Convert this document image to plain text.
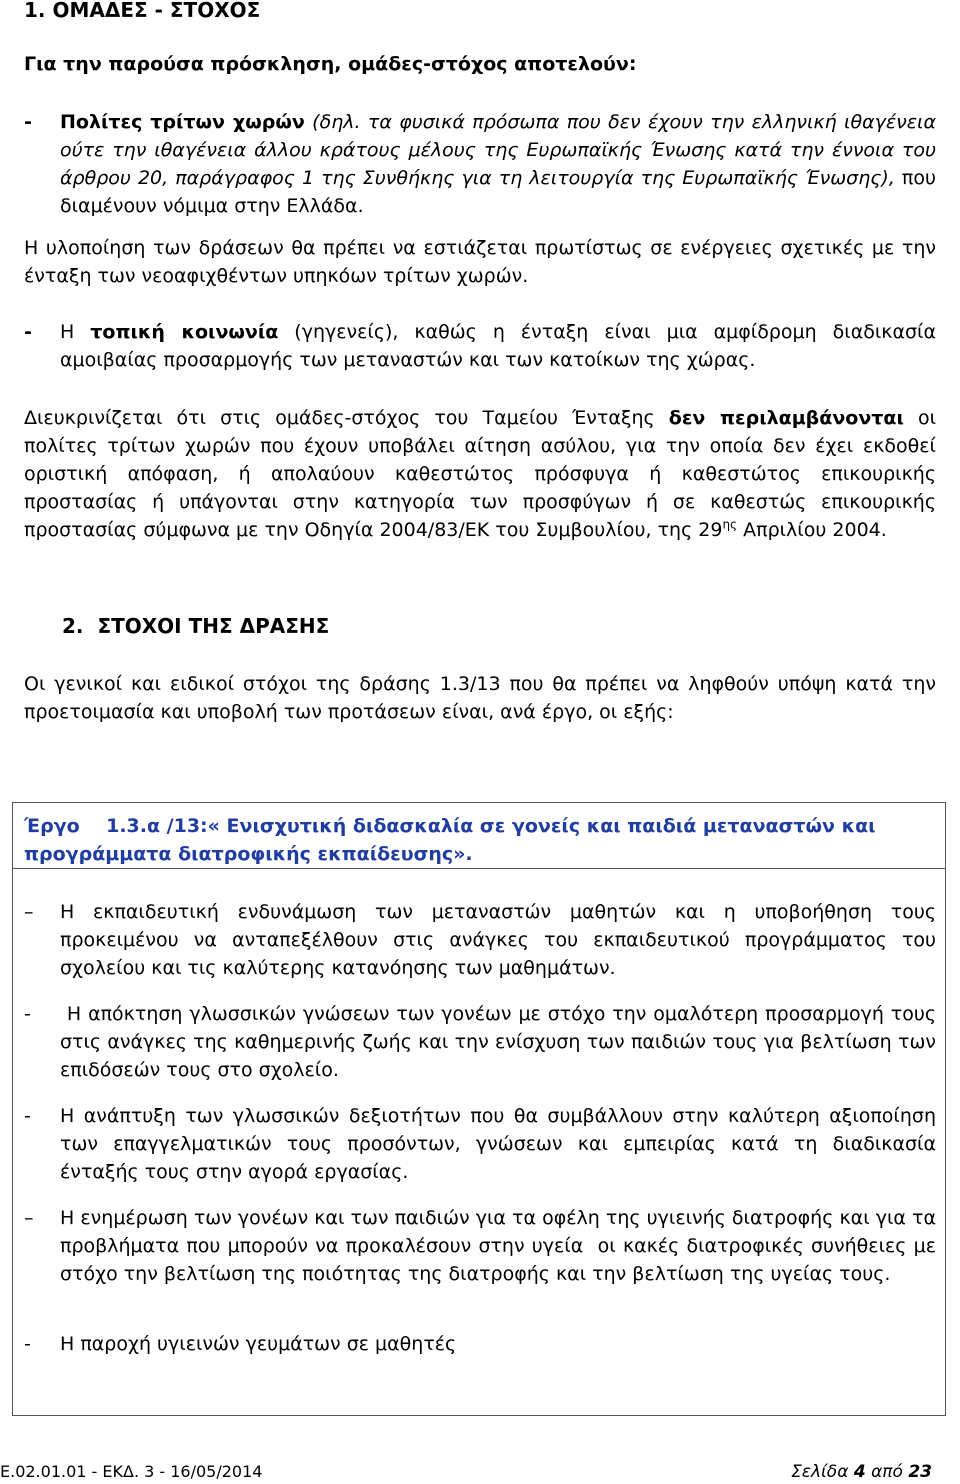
1. ΟΜΑΔΕΣ - ΣΤΟΧΟΣ

Για την παρούσα πρόσκληση, ομάδες-στόχος αποτελούν:

- Πολίτες τρίτων χωρών (δηλ. τα φυσικά πρόσωπα που δεν έχουν την ελληνική ιθαγένεια ούτε την ιθαγένεια άλλου κράτους μέλους της Ευρωπαϊκής Ένωσης κατά την έννοια του άρθρου 20, παράγραφος 1 της Συνθήκης για τη λειτουργία της Ευρωπαϊκής Ένωσης), που διαμένουν νόμιμα στην Ελλάδα.

Η υλοποίηση των δράσεων θα πρέπει να εστιάζεται πρωτίστως σε ενέργειες σχετικές με την ένταξη των νεοαφιχθέντων υπηκόων τρίτων χωρών.

- Η τοπική κοινωνία (γηγενείς), καθώς η ένταξη είναι μια αμφίδρομη διαδικασία αμοιβαίας προσαρμογής των μεταναστών και των κατοίκων της χώρας.

Διευκρινίζεται ότι στις ομάδες-στόχος του Ταμείου Ένταξης δεν περιλαμβάνονται οι πολίτες τρίτων χωρών που έχουν υποβάλει αίτηση ασύλου, για την οποία δεν έχει εκδοθεί οριστική απόφαση, ή απολαύουν καθεστώτος πρόσφυγα ή καθεστώτος επικουρικής προστασίας ή υπάγονται στην κατηγορία των προσφύγων ή σε καθεστώς επικουρικής προστασίας σύμφωνα με την Οδηγία 2004/83/ΕΚ του Συμβουλίου, της $29^{\eta\varsigma}$ Απριλίου 2004.

2. ΣΤΟΧΟΙ ΤΗΣ ΔΡΑΣΗΣ

Οι γενικοί και ειδικοί στόχοι της δράσης 1.3/13 που θα πρέπει να ληφθούν υπόψη κατά την προετοιμασία και υποβολή των προτάσεων είναι, ανά έργο, οι εξής:

Έργο    1.3.α /13:« Ενισχυτική διδασκαλία σε γονείς και παιδιά μεταναστών και προγράμματα διατροφικής εκπαίδευσης».

– Η εκπαιδευτική ενδυνάμωση των μεταναστών μαθητών και η υποβοήθηση τους προκειμένου να ανταπεξέλθουν στις ανάγκες του εκπαιδευτικού προγράμματος του σχολείου και τις καλύτερης κατανόησης των μαθημάτων.
- Η απόκτηση γλωσσικών γνώσεων των γονέων με στόχο την ομαλότερη προσαρμογή τους στις ανάγκες της καθημερινής ζωής και την ενίσχυση των παιδιών τους για βελτίωση των επιδόσεών τους στο σχολείο.
- Η ανάπτυξη των γλωσσικών δεξιοτήτων που θα συμβάλλουν στην καλύτερη αξιοποίηση των επαγγελματικών τους προσόντων, γνώσεων και εμπειρίας κατά τη διαδικασία ένταξής τους στην αγορά εργασίας.
– Η ενημέρωση των γονέων και των παιδιών για τα οφέλη της υγιεινής διατροφής και για τα προβλήματα που μπορούν να προκαλέσουν στην υγεία  οι κακές διατροφικές συνήθειες με στόχο την βελτίωση της ποιότητας της διατροφής και την βελτίωση της υγείας τους.
- Η παροχή υγιεινών γευμάτων σε μαθητές
Ε.02.01.01 - ΕΚΔ. 3 - 16/05/2014	Σελίδα 4 από 23
